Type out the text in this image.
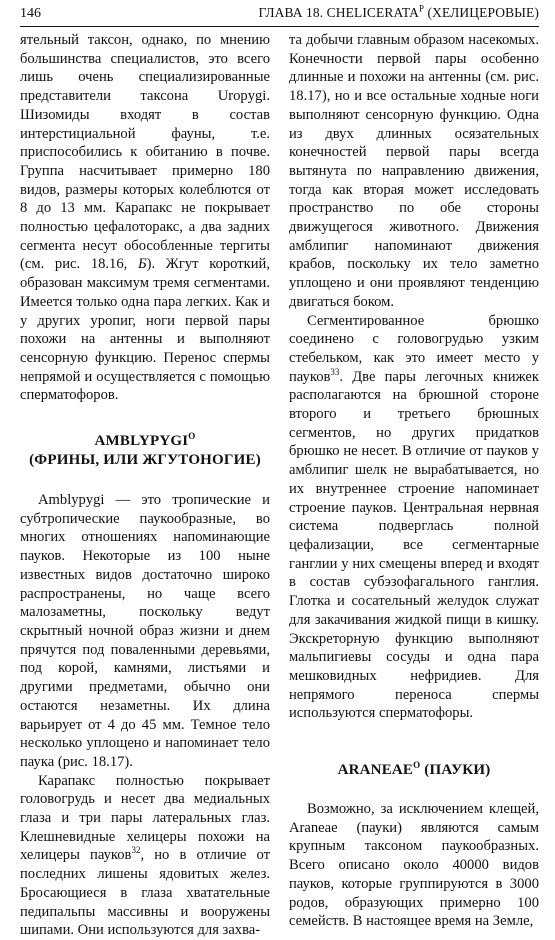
146	ГЛАВА 18. $CHELICERATA^P$ (ХЕЛИЦЕРОВЫЕ)

ятельный таксон, однако, по мнению большинства специалистов, это всего лишь очень специализированные представители таксона Uropygi. Шизомиды входят в состав интерстициальной фауны, т.е. приспособились к обитанию в почве. Группа насчитывает примерно 180 видов, размеры которых колеблются от 8 до 13 мм. Карапакс не покрывает полностью цефалоторакс, а два задних сегмента несут обособленные тергиты (см. рис. 18.16, Б). Жгут короткий, образован максимум тремя сегментами. Имеется только одна пара легких. Как и у других уропиг, ноги первой пары похожи на антенны и выполняют сенсорную функцию. Перенос спермы непрямой и осуществляется с помощью сперматофоров.

$AMBLYPYGI^O$
(ФРИНЫ, ИЛИ ЖГУТОНОГИЕ)

Amblypygi — это тропические и субтропические паукообразные, во многих отношениях напоминающие пауков. Некоторые из 100 ныне известных видов достаточно широко распространены, но чаще всего малозаметны, поскольку ведут скрытный ночной образ жизни и днем прячутся под поваленными деревьями, под корой, камнями, листьями и другими предметами, обычно они остаются незаметны. Их длина варьирует от 4 до 45 мм. Темное тело несколько уплощено и напоминает тело паука (рис. 18.17).

Карапакс полностью покрывает головогрудь и несет два медиальных глаза и три пары латеральных глаз. Клешневидные хелицеры похожи на хелицеры пауков$^{32}$, но в отличие от последних лишены ядовитых желез. Бросающиеся в глаза хватательные педипальпы массивны и вооружены шипами. Они используются для захва-

та добычи главным образом насекомых. Конечности первой пары особенно длинные и похожи на антенны (см. рис. 18.17), но и все остальные ходные ноги выполняют сенсорную функцию. Одна из двух длинных осязательных конечностей первой пары всегда вытянута по направлению движения, тогда как вторая может исследовать пространство по обе стороны движущегося животного. Движения амблипиг напоминают движения крабов, поскольку их тело заметно уплощено и они проявляют тенденцию двигаться боком.

Сегментированное брюшко соединено с головогрудью узким стебельком, как это имеет место у пауков$^{33}$. Две пары легочных книжек располагаются на брюшной стороне второго и третьего брюшных сегментов, но других придатков брюшко не несет. В отличие от пауков у амблипиг шелк не вырабатывается, но их внутреннее строение напоминает строение пауков. Центральная нервная система подверглась полной цефализации, все сегментарные ганглии у них смещены вперед и входят в состав субэзофагального ганглия. Глотка и сосательный желудок служат для закачивания жидкой пищи в кишку. Экскреторную функцию выполняют мальпигиевы сосуды и одна пара мешковидных нефридиев. Для непрямого переноса спермы используются сперматофоры.

$ARANEAE^O$ (ПАУКИ)

Возможно, за исключением клещей, Araneae (пауки) являются самым крупным таксоном паукообразных. Всего описано около 40000 видов пауков, которые группируются в 3000 родов, образующих примерно 100 семейств. В настоящее время на Земле,
